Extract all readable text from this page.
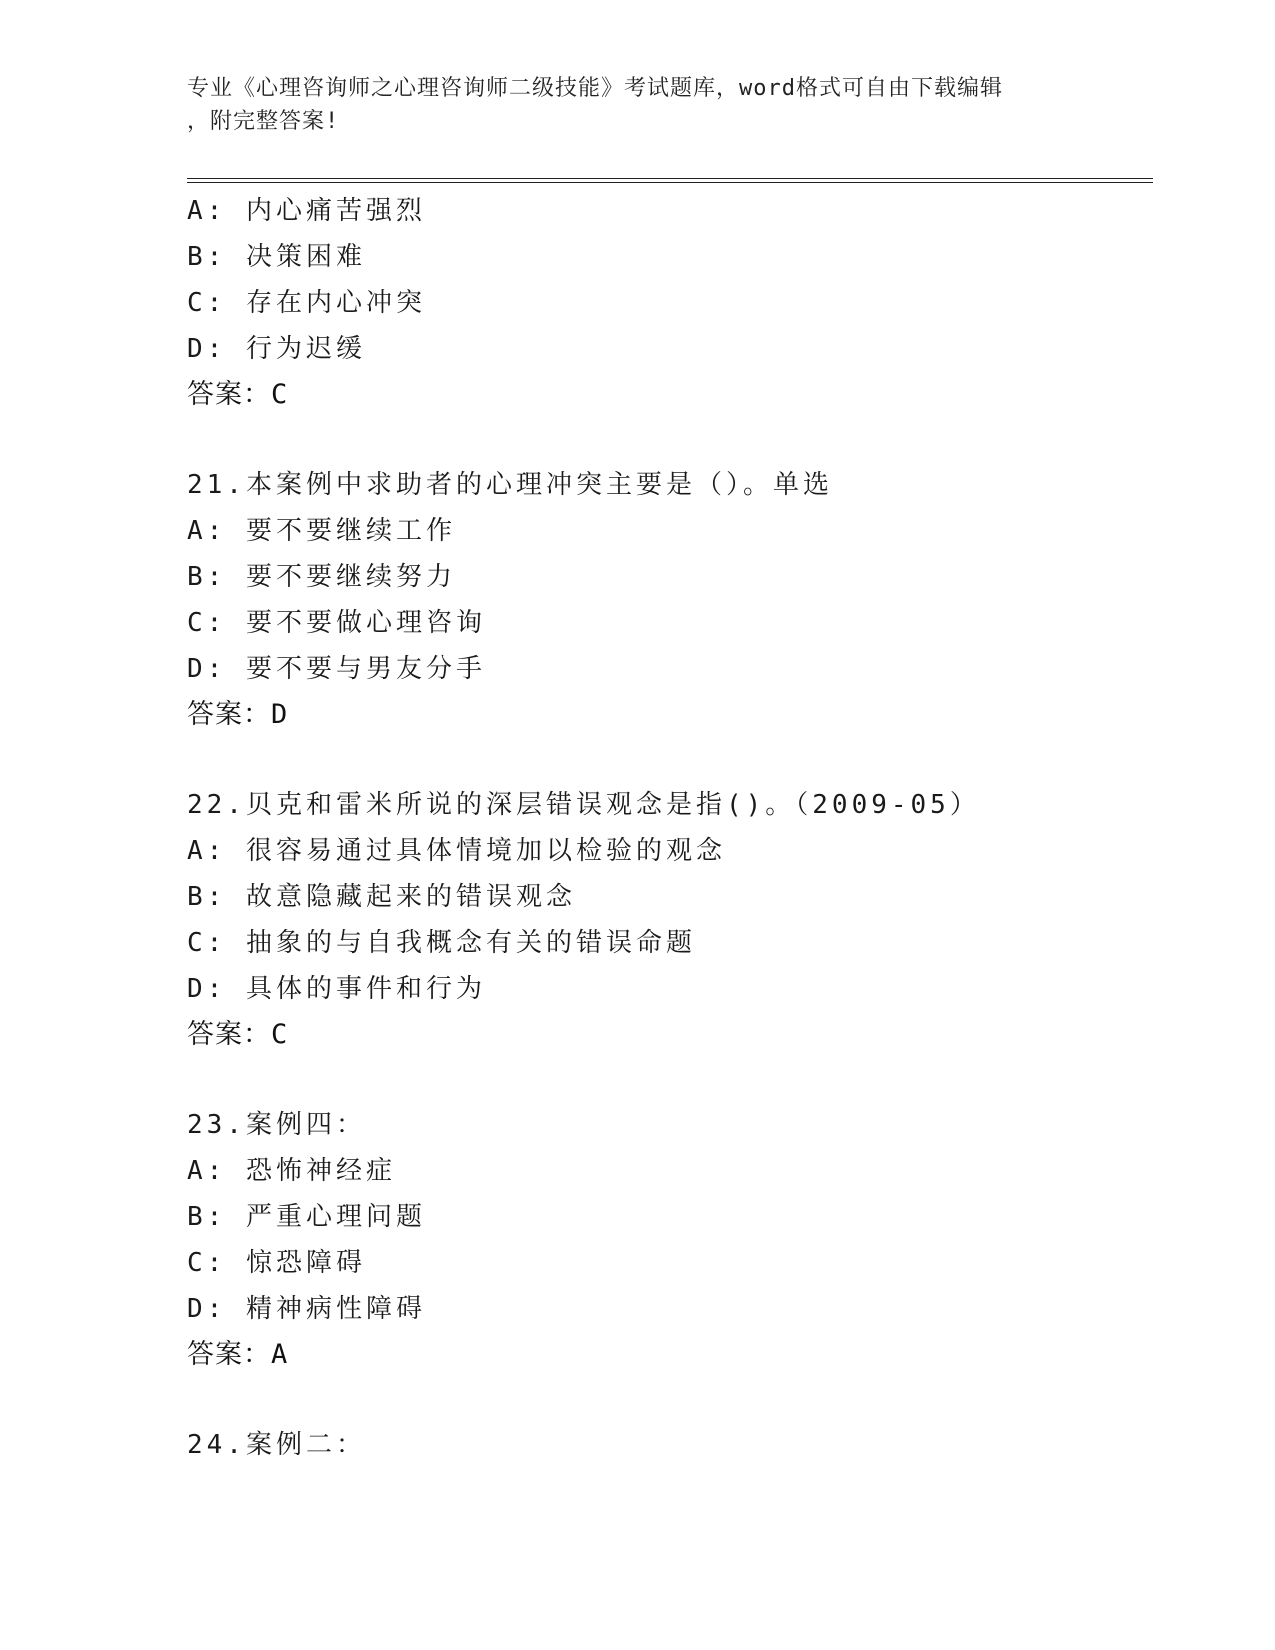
专业《心理咨询师之心理咨询师二级技能》考试题库，word格式可自由下载编辑
，附完整答案!
A: 内心痛苦强烈
B: 决策困难
C: 存在内心冲突
D: 行为迟缓
答案：C
21.本案例中求助者的心理冲突主要是（）。单选
A: 要不要继续工作
B: 要不要继续努力
C: 要不要做心理咨询
D: 要不要与男友分手
答案：D
22.贝克和雷米所说的深层错误观念是指()。（2009-05）
A: 很容易通过具体情境加以检验的观念
B: 故意隐藏起来的错误观念
C: 抽象的与自我概念有关的错误命题
D: 具体的事件和行为
答案：C
23.案例四：
A: 恐怖神经症
B: 严重心理问题
C: 惊恐障碍
D: 精神病性障碍
答案：A
24.案例二：
